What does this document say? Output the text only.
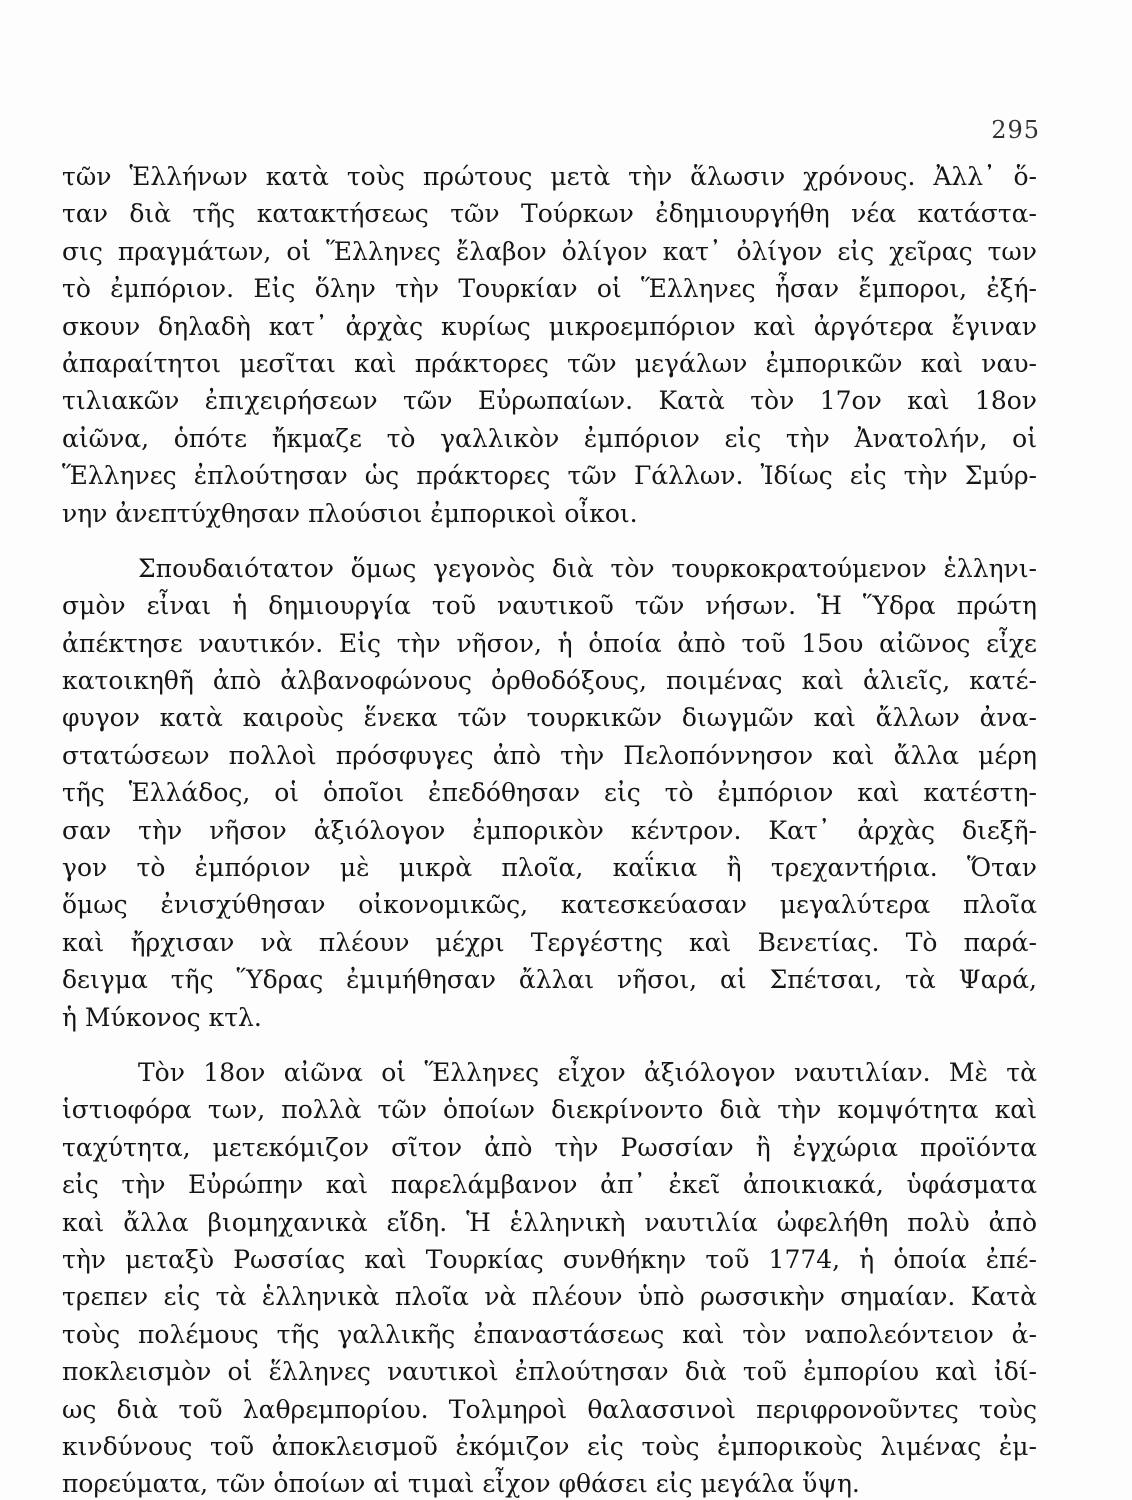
295
τῶν Ἑλλήνων κατὰ τοὺς πρώτους μετὰ τὴν ἅλωσιν χρόνους. Ἀλλ᾿ ὅ-
ταν διὰ τῆς κατακτήσεως τῶν Τούρκων ἐδημιουργήθη νέα κατάστα-
σις πραγμάτων, οἱ Ἕλληνες ἔλαβον ὀλίγον κατ᾿ ὀλίγον εἰς χεῖρας των
τὸ ἐμπόριον. Εἰς ὅλην τὴν Τουρκίαν οἱ Ἕλληνες ἦσαν ἔμποροι, ἐξή-
σκουν δηλαδὴ κατ᾿ ἀρχὰς κυρίως μικροεμπόριον καὶ ἀργότερα ἔγιναν
ἀπαραίτητοι μεσῖται καὶ πράκτορες τῶν μεγάλων ἐμπορικῶν καὶ ναυ-
τιλιακῶν ἐπιχειρήσεων τῶν Εὐρωπαίων. Κατὰ τὸν 17ον καὶ 18ον
αἰῶνα, ὁπότε ἤκμαζε τὸ γαλλικὸν ἐμπόριον εἰς τὴν Ἀνατολήν, οἱ
Ἕλληνες ἐπλούτησαν ὡς πράκτορες τῶν Γάλλων. Ἰδίως εἰς τὴν Σμύρ-
νην ἀνεπτύχθησαν πλούσιοι ἐμπορικοὶ οἶκοι.
Σπουδαιότατον ὅμως γεγονὸς διὰ τὸν τουρκοκρατούμενον ἑλληνι-
σμὸν εἶναι ἡ δημιουργία τοῦ ναυτικοῦ τῶν νήσων. Ἡ Ὕδρα πρώτη
ἀπέκτησε ναυτικόν. Εἰς τὴν νῆσον, ἡ ὁποία ἀπὸ τοῦ 15ου αἰῶνος εἶχε
κατοικηθῆ ἀπὸ ἀλβανοφώνους ὀρθοδόξους, ποιμένας καὶ ἁλιεῖς, κατέ-
φυγον κατὰ καιροὺς ἕνεκα τῶν τουρκικῶν διωγμῶν καὶ ἄλλων ἀνα-
στατώσεων πολλοὶ πρόσφυγες ἀπὸ τὴν Πελοπόννησον καὶ ἄλλα μέρη
τῆς Ἑλλάδος, οἱ ὁποῖοι ἐπεδόθησαν εἰς τὸ ἐμπόριον καὶ κατέστη-
σαν τὴν νῆσον ἀξιόλογον ἐμπορικὸν κέντρον. Κατ᾿ ἀρχὰς διεξῆ-
γον τὸ ἐμπόριον μὲ μικρὰ πλοῖα, καΐκια ἢ τρεχαντήρια. Ὅταν
ὅμως ἐνισχύθησαν οἰκονομικῶς, κατεσκεύασαν μεγαλύτερα πλοῖα
καὶ ἤρχισαν νὰ πλέουν μέχρι Τεργέστης καὶ Βενετίας. Τὸ παρά-
δειγμα τῆς Ὕδρας ἐμιμήθησαν ἄλλαι νῆσοι, αἱ Σπέτσαι, τὰ Ψαρά,
ἡ Μύκονος κτλ.
Τὸν 18ον αἰῶνα οἱ Ἕλληνες εἶχον ἀξιόλογον ναυτιλίαν. Μὲ τὰ
ἱστιοφόρα των, πολλὰ τῶν ὁποίων διεκρίνοντο διὰ τὴν κομψότητα καὶ
ταχύτητα, μετεκόμιζον σῖτον ἀπὸ τὴν Ρωσσίαν ἢ ἐγχώρια προϊόντα
εἰς τὴν Εὐρώπην καὶ παρελάμβανον ἀπ᾿ ἐκεῖ ἀποικιακά, ὑφάσματα
καὶ ἄλλα βιομηχανικὰ εἴδη. Ἡ ἑλληνικὴ ναυτιλία ὠφελήθη πολὺ ἀπὸ
τὴν μεταξὺ Ρωσσίας καὶ Τουρκίας συνθήκην τοῦ 1774, ἡ ὁποία ἐπέ-
τρεπεν εἰς τὰ ἑλληνικὰ πλοῖα νὰ πλέουν ὑπὸ ρωσσικὴν σημαίαν. Κατὰ
τοὺς πολέμους τῆς γαλλικῆς ἐπαναστάσεως καὶ τὸν ναπολεόντειον ἀ-
ποκλεισμὸν οἱ ἕλληνες ναυτικοὶ ἐπλούτησαν διὰ τοῦ ἐμπορίου καὶ ἰδί-
ως διὰ τοῦ λαθρεμπορίου. Τολμηροὶ θαλασσινοὶ περιφρονοῦντες τοὺς
κινδύνους τοῦ ἀποκλεισμοῦ ἐκόμιζον εἰς τοὺς ἐμπορικοὺς λιμένας ἐμ-
πορεύματα, τῶν ὁποίων αἱ τιμαὶ εἶχον φθάσει εἰς μεγάλα ὕψη.
